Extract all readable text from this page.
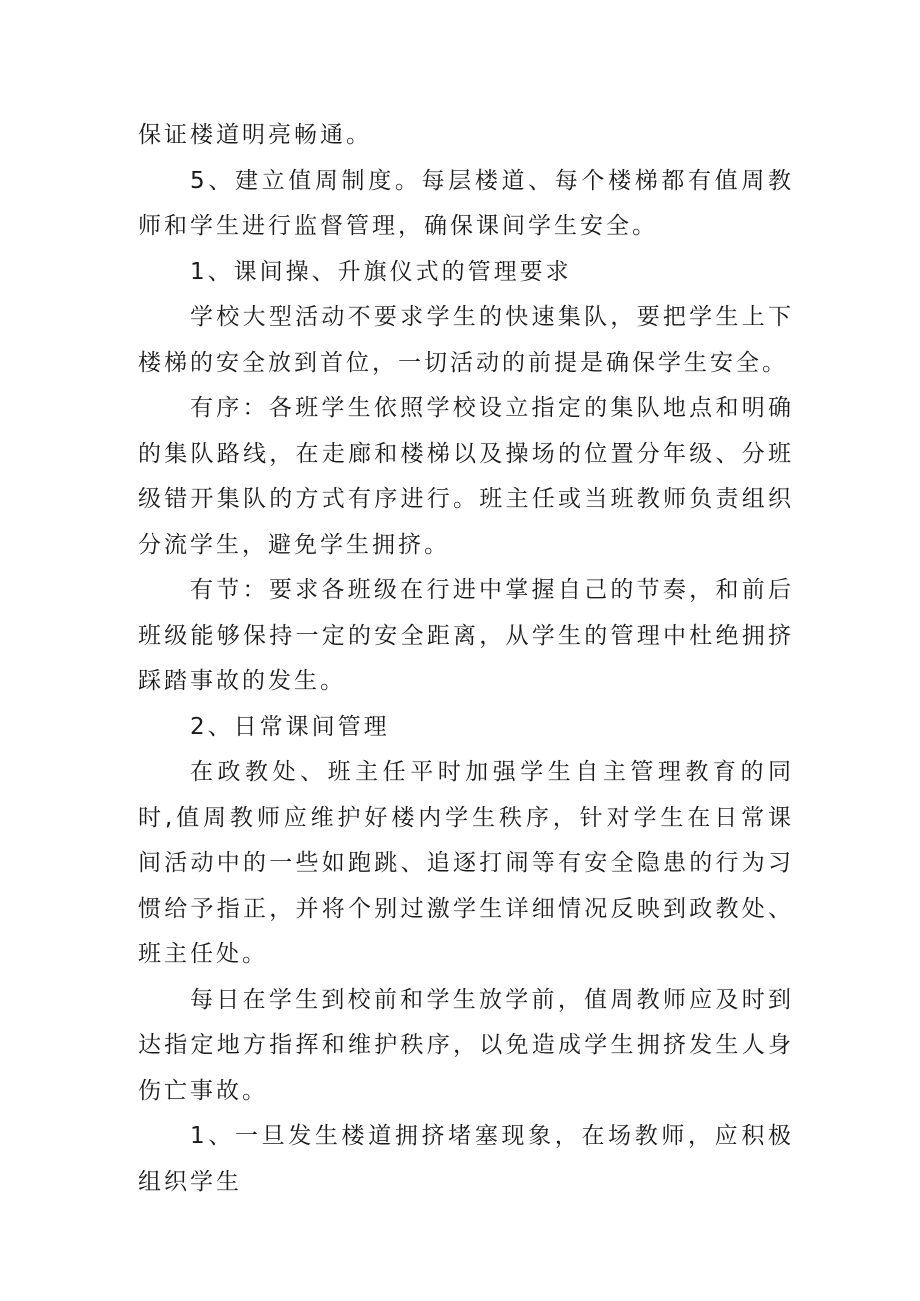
保证楼道明亮畅通。

5、建立值周制度。每层楼道、每个楼梯都有值周教师和学生进行监督管理，确保课间学生安全。

1、课间操、升旗仪式的管理要求

学校大型活动不要求学生的快速集队，要把学生上下楼梯的安全放到首位，一切活动的前提是确保学生安全。

有序：各班学生依照学校设立指定的集队地点和明确的集队路线，在走廊和楼梯以及操场的位置分年级、分班级错开集队的方式有序进行。班主任或当班教师负责组织分流学生，避免学生拥挤。

有节：要求各班级在行进中掌握自己的节奏，和前后班级能够保持一定的安全距离，从学生的管理中杜绝拥挤踩踏事故的发生。

2、日常课间管理

在政教处、班主任平时加强学生自主管理教育的同时,值周教师应维护好楼内学生秩序，针对学生在日常课间活动中的一些如跑跳、追逐打闹等有安全隐患的行为习惯给予指正，并将个别过激学生详细情况反映到政教处、班主任处。

每日在学生到校前和学生放学前，值周教师应及时到达指定地方指挥和维护秩序，以免造成学生拥挤发生人身伤亡事故。

1、一旦发生楼道拥挤堵塞现象，在场教师，应积极组织学生
